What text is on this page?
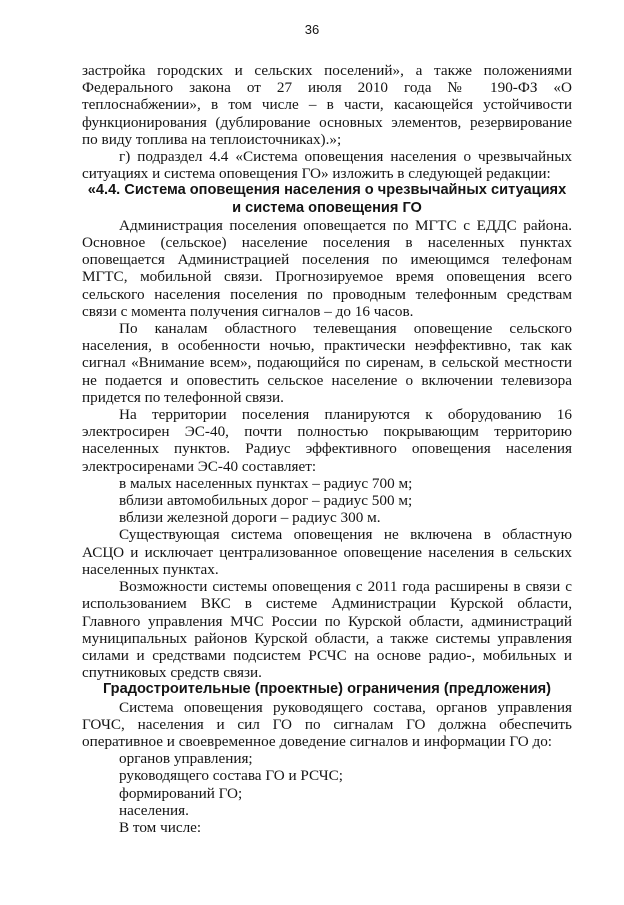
36

застройка городских и сельских поселений», а также положениями Федерального закона от 27 июля 2010 года № 190-ФЗ «О теплоснабжении», в том числе – в части, касающейся устойчивости функционирования (дублирование основных элементов, резервирование по виду топлива на теплоисточниках).»;

г) подраздел 4.4 «Система оповещения населения о чрезвычайных ситуациях и система оповещения ГО» изложить в следующей редакции:

«4.4. Система оповещения населения о чрезвычайных ситуациях и система оповещения ГО

Администрация поселения оповещается по МГТС с ЕДДС района. Основное (сельское) население поселения в населенных пунктах оповещается Администрацией поселения по имеющимся телефонам МГТС, мобильной связи. Прогнозируемое время оповещения всего сельского населения поселения по проводным телефонным средствам связи с момента получения сигналов – до 16 часов.

По каналам областного телевещания оповещение сельского населения, в особенности ночью, практически неэффективно, так как сигнал «Внимание всем», подающийся по сиренам, в сельской местности не подается и оповестить сельское население о включении телевизора придется по телефонной связи.

На территории поселения планируются к оборудованию 16 электросирен ЭС-40, почти полностью покрывающим территорию населенных пунктов. Радиус эффективного оповещения населения электросиренами ЭС-40 составляет:

в малых населенных пунктах – радиус 700 м;

вблизи автомобильных дорог – радиус 500 м;

вблизи железной дороги – радиус 300 м.

Существующая система оповещения не включена в областную АСЦО и исключает централизованное оповещение населения в сельских населенных пунктах.

Возможности системы оповещения с 2011 года расширены в связи с использованием ВКС в системе Администрации Курской области, Главного управления МЧС России по Курской области, администраций муниципальных районов Курской области, а также системы управления силами и средствами подсистем РСЧС на основе радио-, мобильных и спутниковых средств связи.

Градостроительные (проектные) ограничения (предложения)

Система оповещения руководящего состава, органов управления ГОЧС, населения и сил ГО по сигналам ГО должна обеспечить оперативное и своевременное доведение сигналов и информации ГО до:

органов управления;

руководящего состава ГО и РСЧС;

формирований ГО;

населения.

В том числе:
